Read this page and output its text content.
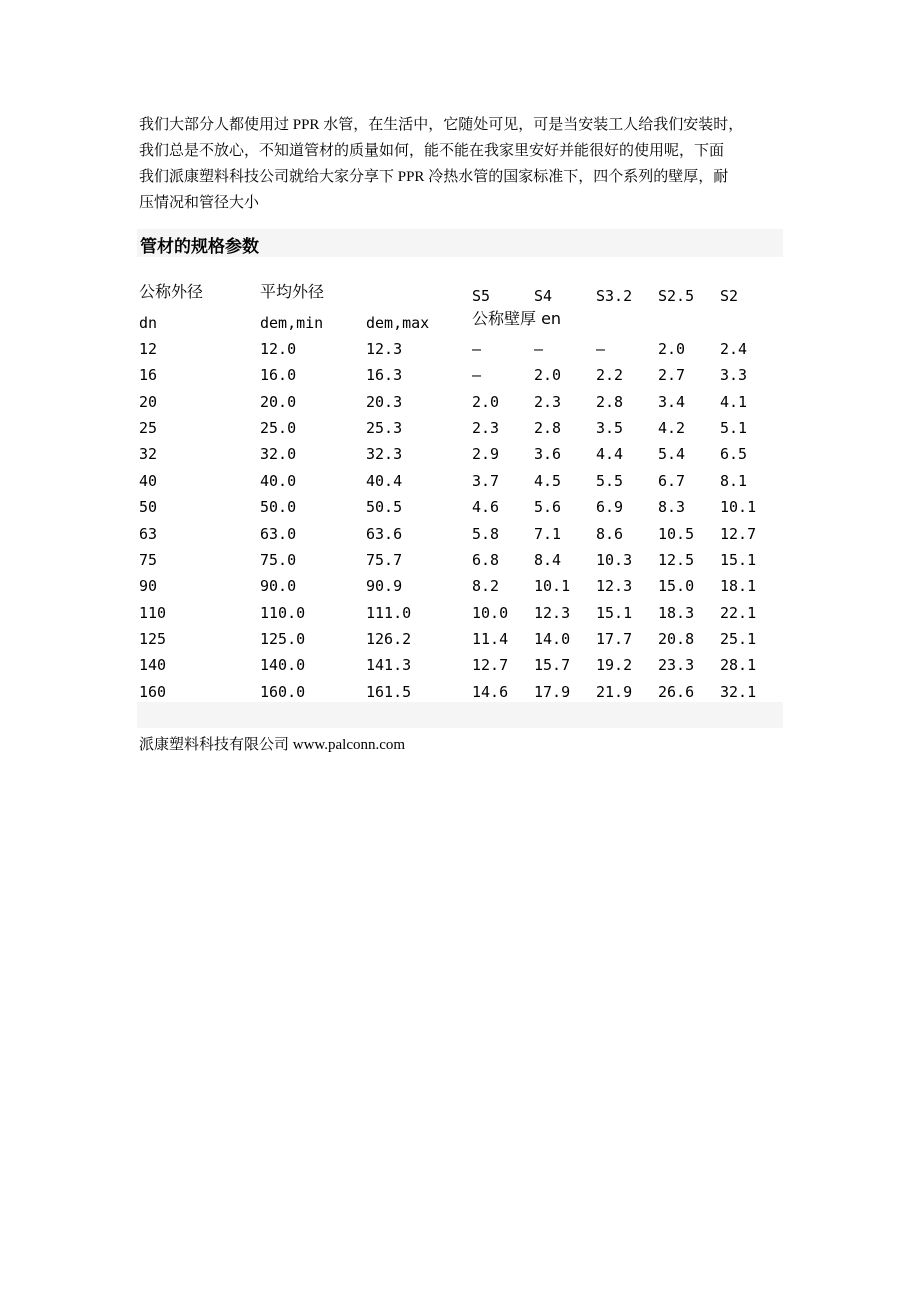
我们大部分人都使用过 PPR 水管，在生活中，它随处可见，可是当安装工人给我们安装时，
我们总是不放心，不知道管材的质量如何，能不能在我家里安好并能很好的使用呢，下面
我们派康塑料科技公司就给大家分享下 PPR 冷热水管的国家标准下，四个系列的壁厚，耐
压情况和管径大小

管材的规格参数
公称外径	平均外径	S5	S4	S3.2 S2.5 S2
dn	dem,min	dem,max	公称壁厚 en
12	12.0	12.3	—	—	—	2.0 2.4
16	16.0	16.3	—	2.0 2.2 2.7 3.3
20	20.0	20.3	2.0 2.3 2.8 3.4 4.1
25	25.0	25.3	2.3 2.8 3.5 4.2 5.1
32	32.0	32.3	2.9 3.6 4.4 5.4 6.5
40	40.0	40.4	3.7 4.5 5.5 6.7 8.1
50	50.0	50.5	4.6 5.6 6.9 8.3 10.1
63	63.0	63.6	5.8 7.1 8.6 10.5 12.7
75	75.0	75.7	6.8 8.4 10.3 12.5 15.1
90	90.0	90.9	8.2 10.1 12.3 15.0 18.1
110	110.0	111.0	10.0 12.3 15.1 18.3 22.1
125	125.0	126.2	11.4 14.0 17.7 20.8 25.1
140	140.0	141.3	12.7 15.7 19.2 23.3 28.1
160	160.0	161.5	14.6 17.9 21.9 26.6 32.1

派康塑料科技有限公司 www.palconn.com
